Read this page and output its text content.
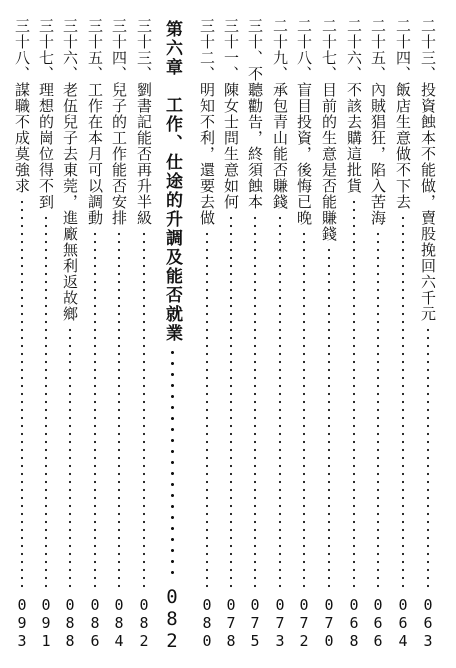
二十三、投資蝕本不能做，賣股挽回六千元
063
二十四、飯店生意做不下去
064
二十五、內賊猖狂，陷入苦海
066
二十六、不該去購這批貨
068
二十七、目前的生意是否能賺錢
070
二十八、盲目投資，後悔已晚
072
二十九、承包青山能否賺錢
073
三十、不聽勸告，終須蝕本
075
三十一、陳女士問生意如何
078
三十二、明知不利，還要去做
080
第六章　工作、仕途的升調及能否就業
082
三十三、劉書記能否再升半級
082
三十四、兒子的工作能否安排
084
三十五、工作在本月可以調動
086
三十六、老伍兒子去東莞，進廠無利返故鄉
088
三十七、理想的崗位得不到
091
三十八、謀職不成莫強求
093
